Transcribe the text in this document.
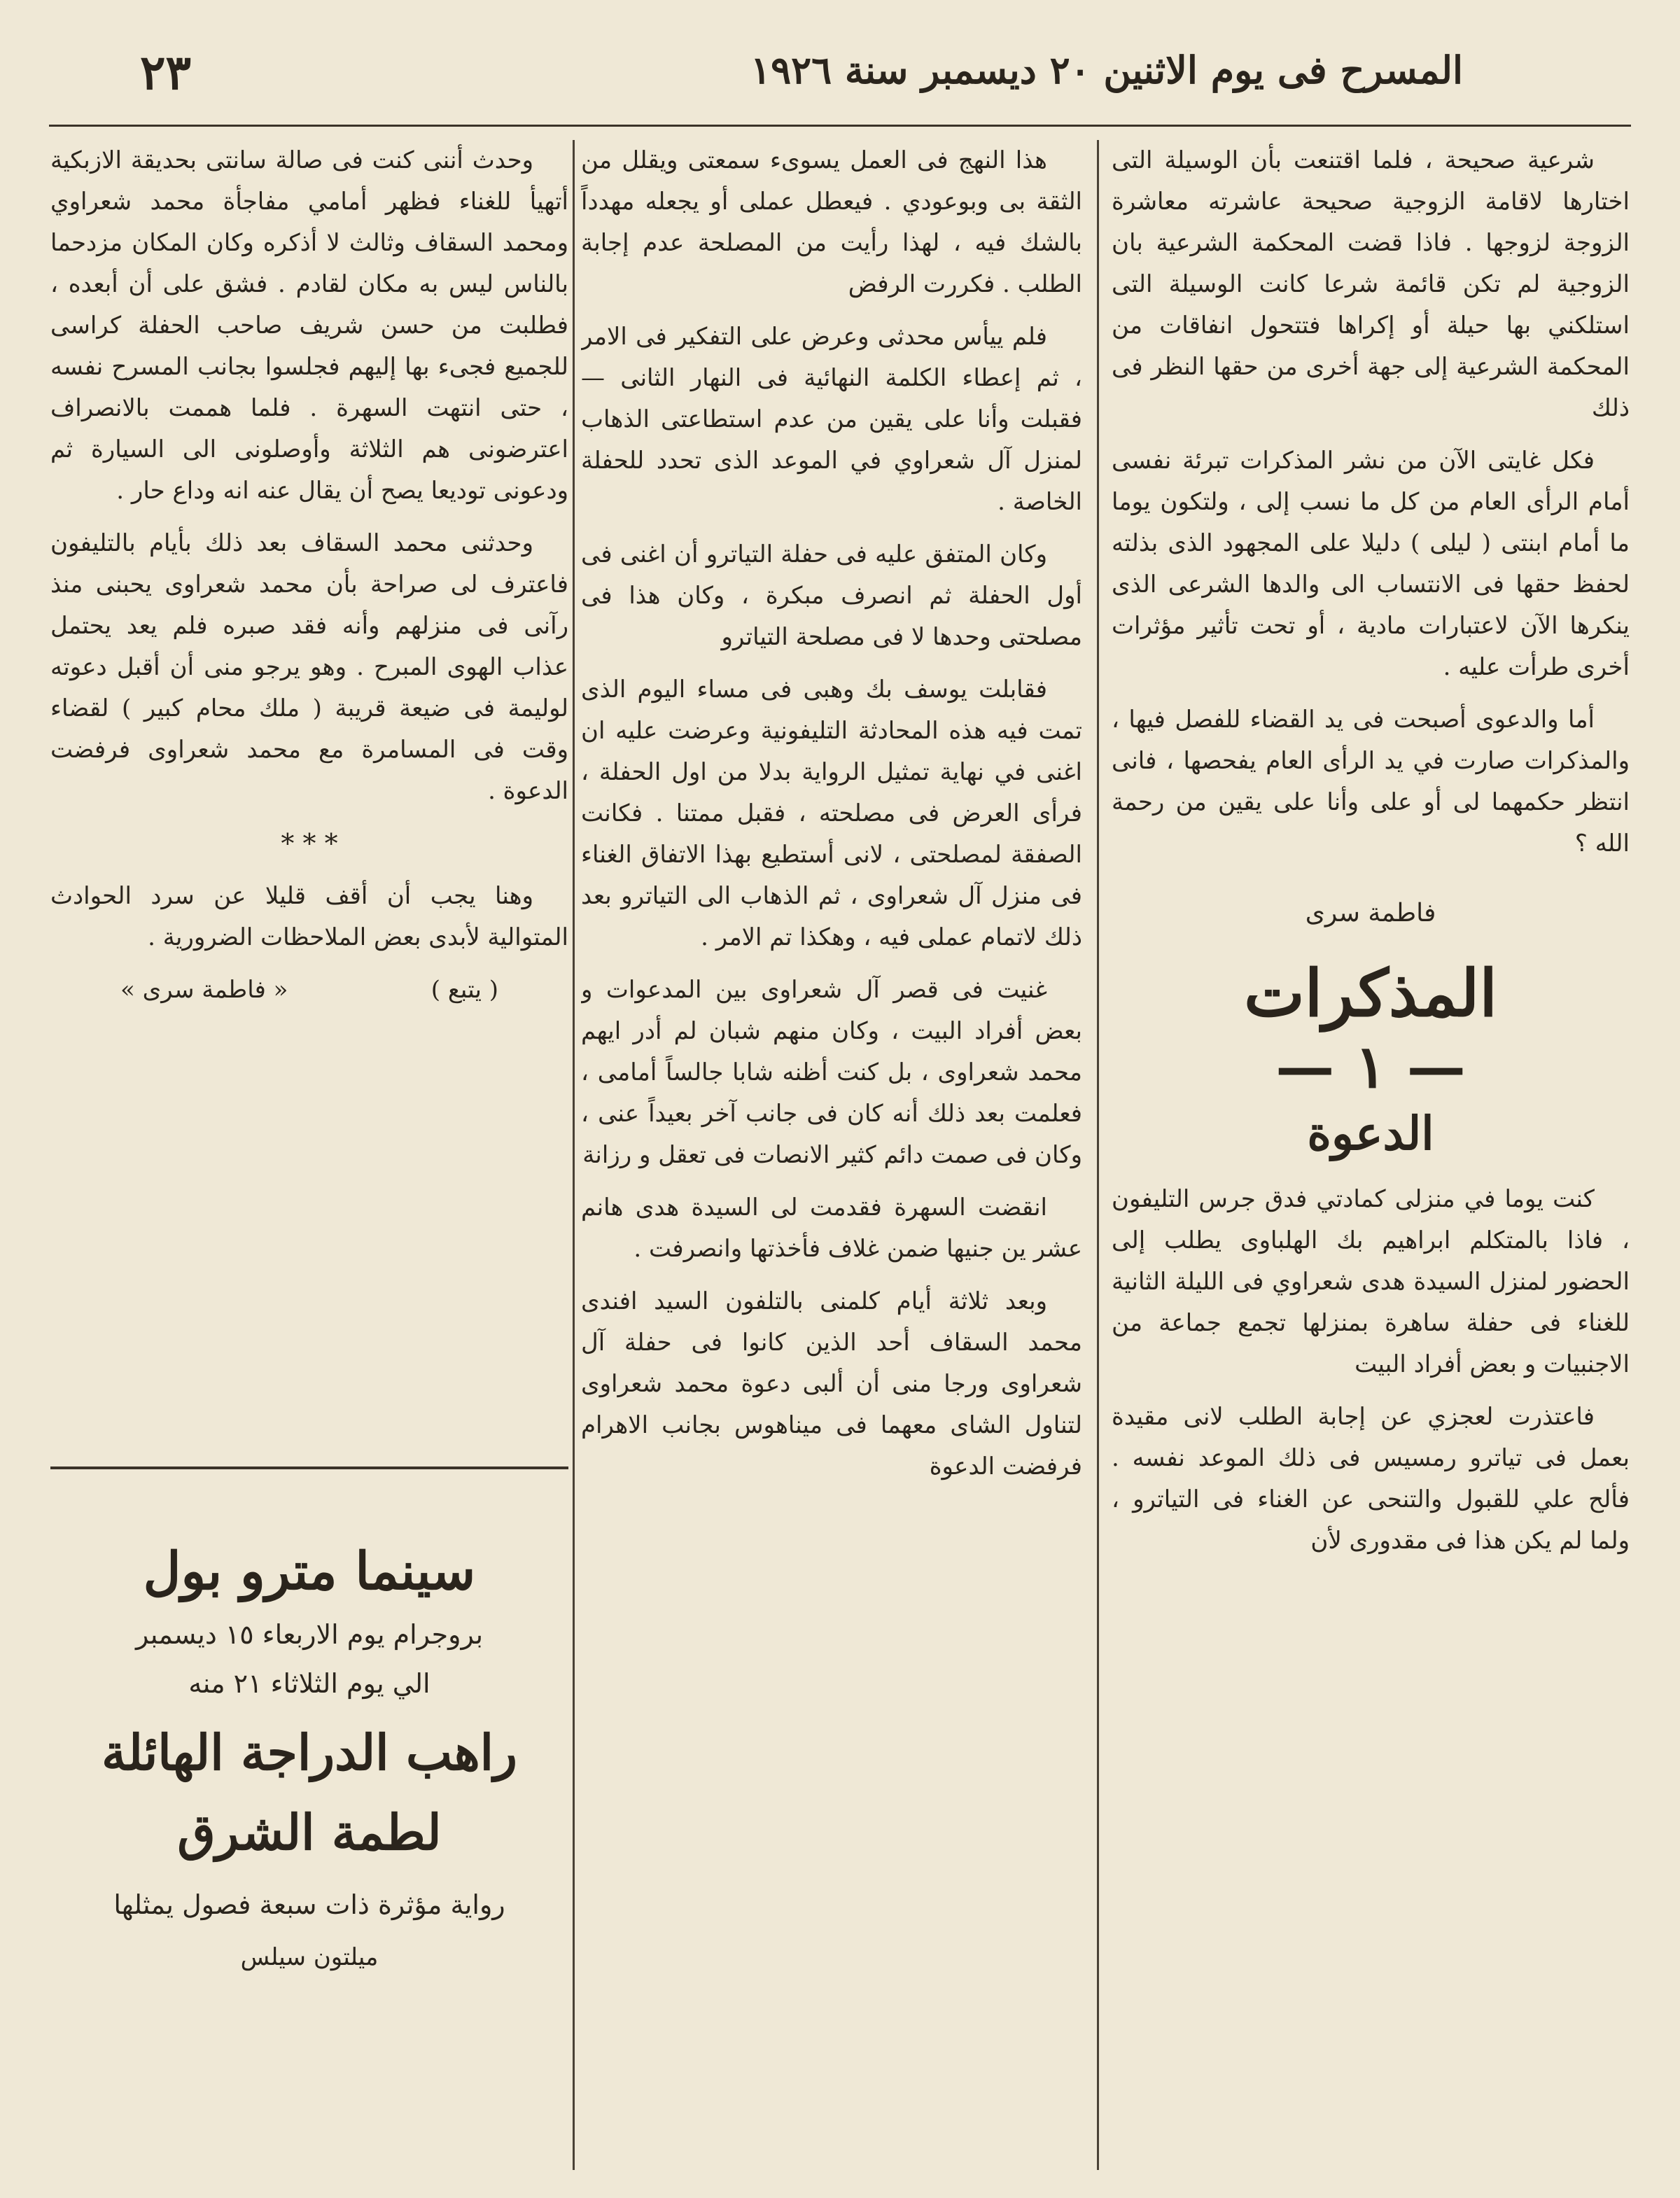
٢٣	المسرح فى يوم الاثنين ٢٠ ديسمبر سنة ١٩٢٦

شرعية صحيحة ، فلما اقتنعت بأن الوسيلة التى اختارها لاقامة الزوجية صحيحة عاشرته معاشرة الزوجة لزوجها . فاذا قضت المحكمة الشرعية بان الزوجية لم تكن قائمة شرعا كانت الوسيلة التى استلكني بها حيلة أو إكراها فتتحول انفاقات من المحكمة الشرعية إلى جهة أخرى من حقها النظر فى ذلك

فكل غايتى الآن من نشر المذكرات تبرئة نفسى أمام الرأى العام من كل ما نسب إلى ، ولتكون يوما ما أمام ابنتى ( ليلى ) دليلا على المجهود الذى بذلته لحفظ حقها فى الانتساب الى والدها الشرعى الذى ينكرها الآن لاعتبارات مادية ، أو تحت تأثير مؤثرات أخرى طرأت عليه .

أما والدعوى أصبحت فى يد القضاء للفصل فيها ، والمذكرات صارت في يد الرأى العام يفحصها ، فانى انتظر حكمهما لى أو على وأنا على يقين من رحمة الله ؟

فاطمة سرى
المذكرات
— ١ —
الدعوة

كنت يوما في منزلى كمادتي فدق جرس التليفون ، فاذا بالمتكلم ابراهيم بك الهلباوى يطلب إلى الحضور لمنزل السيدة هدى شعراوي فى الليلة الثانية للغناء فى حفلة ساهرة بمنزلها تجمع جماعة من الاجنبيات و بعض أفراد البيت

فاعتذرت لعجزي عن إجابة الطلب لانى مقيدة بعمل فى تياترو رمسيس فى ذلك الموعد نفسه . فألح علي للقبول والتنحى عن الغناء فى التياترو ، ولما لم يكن هذا فى مقدورى لأن

هذا النهج فى العمل يسوىء سمعتى ويقلل من الثقة بى وبوعودي . فيعطل عملى أو يجعله مهدداً بالشك فيه ، لهذا رأيت من المصلحة عدم إجابة الطلب . فكررت الرفض

فلم ييأس محدثى وعرض على التفكير فى الامر ، ثم إعطاء الكلمة النهائية فى النهار الثانى — فقبلت وأنا على يقين من عدم استطاعتى الذهاب لمنزل آل شعراوي في الموعد الذى تحدد للحفلة الخاصة .

وكان المتفق عليه فى حفلة التياترو أن اغنى فى أول الحفلة ثم انصرف مبكرة ، وكان هذا فى مصلحتى وحدها لا فى مصلحة التياترو

فقابلت يوسف بك وهبى فى مساء اليوم الذى تمت فيه هذه المحادثة التليفونية وعرضت عليه ان اغنى في نهاية تمثيل الرواية بدلا من اول الحفلة ، فرأى العرض فى مصلحته ، فقبل ممتنا . فكانت الصفقة لمصلحتى ، لانى أستطيع بهذا الاتفاق الغناء فى منزل آل شعراوى ، ثم الذهاب الى التياترو بعد ذلك لاتمام عملى فيه ، وهكذا تم الامر .

غنيت فى قصر آل شعراوى بين المدعوات و بعض أفراد البيت ، وكان منهم شبان لم أدر ايهم محمد شعراوى ، بل كنت أظنه شابا جالساً أمامى ، فعلمت بعد ذلك أنه كان فى جانب آخر بعيداً عنى ، وكان فى صمت دائم كثير الانصات فى تعقل و رزانة

انقضت السهرة فقدمت لى السيدة هدى هانم عشر ين جنيها ضمن غلاف فأخذتها وانصرفت .

وبعد ثلاثة أيام كلمنى بالتلفون السيد افندى محمد السقاف أحد الذين كانوا فى حفلة آل شعراوى ورجا منى أن ألبى دعوة محمد شعراوى لتناول الشاى معهما فى ميناهوس بجانب الاهرام فرفضت الدعوة

وحدث أننى كنت فى صالة سانتى بحديقة الازبكية أتهيأ للغناء فظهر أمامي مفاجأة محمد شعراوي ومحمد السقاف وثالث لا أذكره وكان المكان مزدحما بالناس ليس به مكان لقادم . فشق على أن أبعده ، فطلبت من حسن شريف صاحب الحفلة كراسى للجميع فجىء بها إليهم فجلسوا بجانب المسرح نفسه ، حتى انتهت السهرة . فلما هممت بالانصراف اعترضونى هم الثلاثة وأوصلونى الى السيارة ثم ودعونى توديعا يصح أن يقال عنه انه وداع حار .

وحدثنى محمد السقاف بعد ذلك بأيام بالتليفون فاعترف لى صراحة بأن محمد شعراوى يحبنى منذ رآنى فى منزلهم وأنه فقد صبره فلم يعد يحتمل عذاب الهوى المبرح . وهو يرجو منى أن أقبل دعوته لوليمة فى ضيعة قريبة ( ملك محام كبير ) لقضاء وقت فى المسامرة مع محمد شعراوى فرفضت الدعوة .

* * *

وهنا يجب أن أقف قليلا عن سرد الحوادث المتوالية لأبدى بعض الملاحظات الضرورية .

( يتبع )
« فاطمة سرى »
سينما مترو بول
بروجرام يوم الاربعاء ١٥ ديسمبر
الي يوم الثلاثاء ٢١ منه
راهب الدراجة الهائلة
لطمة الشرق
رواية مؤثرة ذات سبعة فصول يمثلها
ميلتون سيلس
